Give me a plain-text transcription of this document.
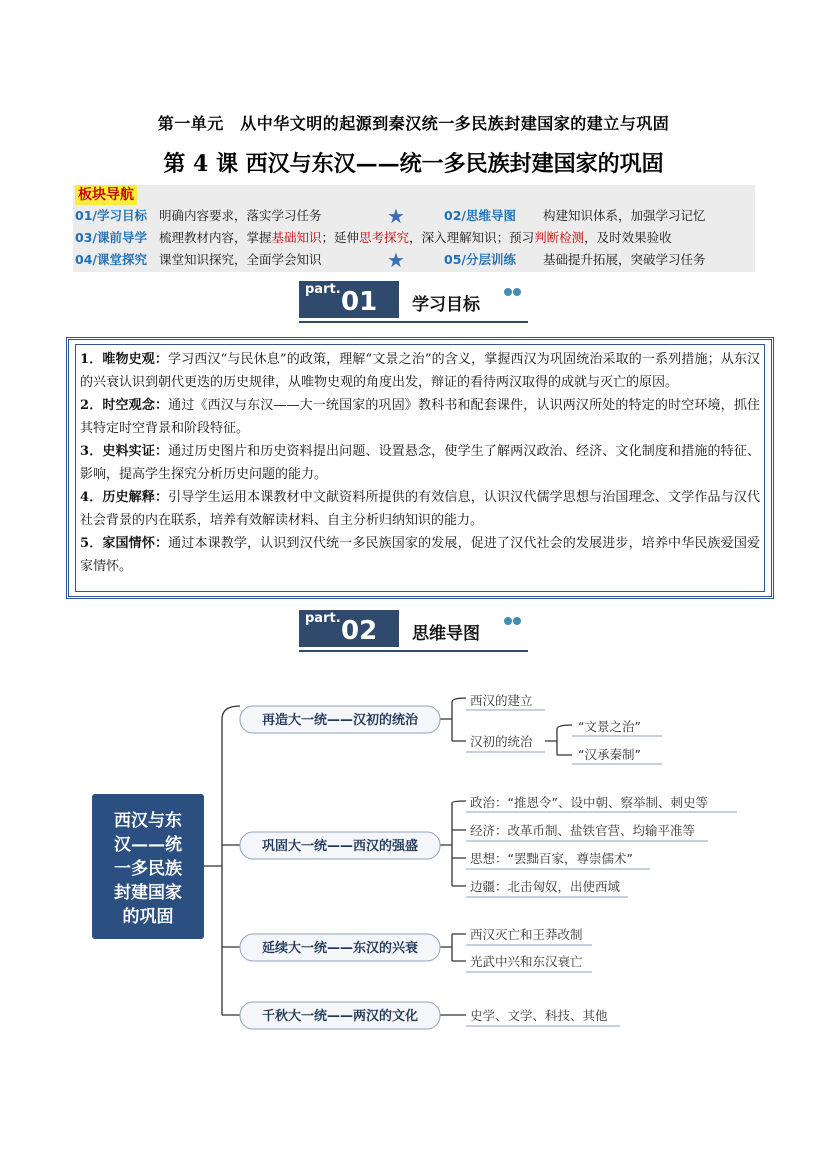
第一单元　从中华文明的起源到秦汉统一多民族封建国家的建立与巩固
第 4 课 西汉与东汉——统一多民族封建国家的巩固
板块导航
01/学习目标 明确内容要求，落实学习任务	★	02/思维导图 构建知识体系，加强学习记忆
03/课前导学 梳理教材内容，掌握基础知识；延伸思考探究，深入理解知识；预习判断检测，及时效果验收
04/课堂探究 课堂知识探究，全面学会知识	★	05/分层训练 基础提升拓展，突破学习任务
part. 01 学习目标
1．唯物史观：学习西汉“与民休息”的政策，理解“文景之治”的含义，掌握西汉为巩固统治采取的一系列措施；从东汉的兴衰认识到朝代更迭的历史规律，从唯物史观的角度出发，辩证的看待两汉取得的成就与灭亡的原因。
2．时空观念：通过《西汉与东汉——大一统国家的巩固》教科书和配套课件，认识两汉所处的特定的时空环境，抓住其特定时空背景和阶段特征。
3．史料实证：通过历史图片和历史资料提出问题、设置悬念，使学生了解两汉政治、经济、文化制度和措施的特征、影响，提高学生探究分析历史问题的能力。
4．历史解释：引导学生运用本课教材中文献资料所提供的有效信息，认识汉代儒学思想与治国理念、文学作品与汉代社会背景的内在联系，培养有效解读材料、自主分析归纳知识的能力。
5．家国情怀：通过本课教学，认识到汉代统一多民族国家的发展，促进了汉代社会的发展进步，培养中华民族爱国爱家情怀。
part. 02 思维导图
西汉与东
汉——统
一多民族
封建国家
的巩固
再造大一统——汉初的统治
巩固大一统——西汉的强盛
延续大一统——东汉的兴衰
千秋大一统——两汉的文化
西汉的建立
汉初的统治
“文景之治”
“汉承秦制”
政治：“推恩令”、设中朝、察举制、刺史等
经济：改革币制、盐铁官营、均输平准等
思想：“罢黜百家，尊崇儒术”
边疆：北击匈奴，出使西域
西汉灭亡和王莽改制
光武中兴和东汉衰亡
史学、文学、科技、其他
